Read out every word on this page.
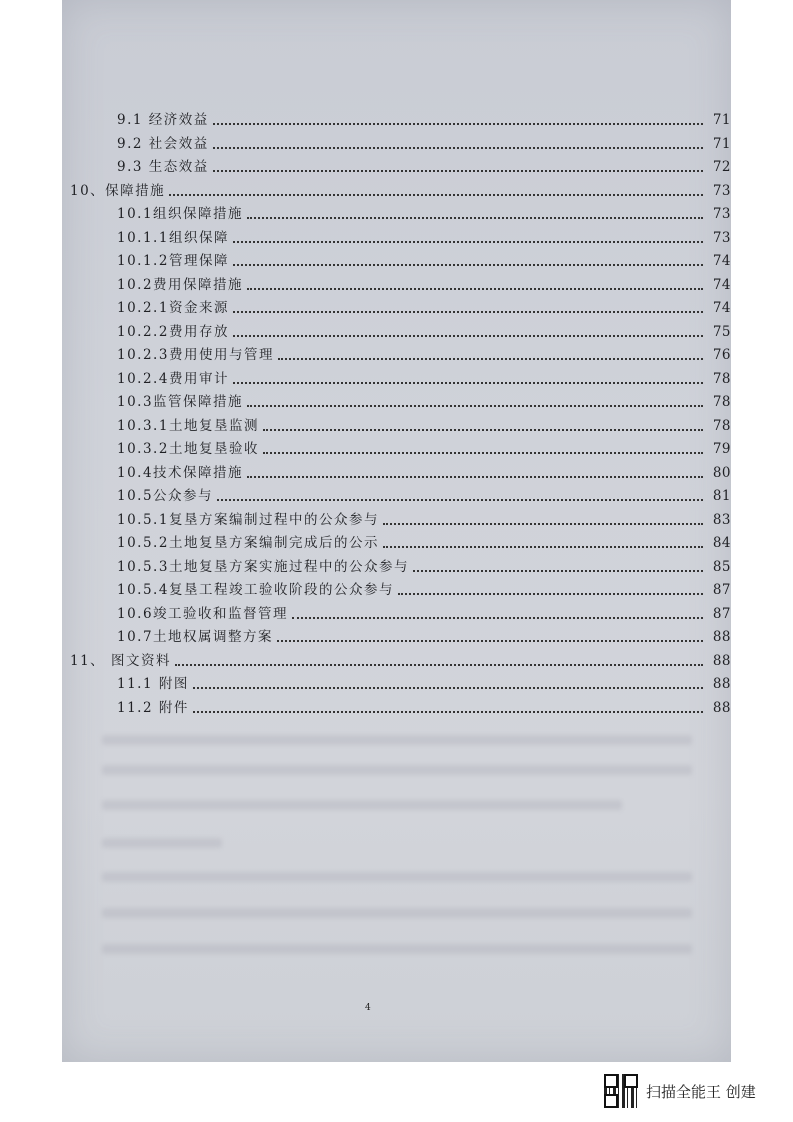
9.1 经济效益	71
9.2 社会效益	71
9.3 生态效益	72
10、保障措施	73
10.1组织保障措施	73
10.1.1组织保障	73
10.1.2管理保障	74
10.2费用保障措施	74
10.2.1资金来源	74
10.2.2费用存放	75
10.2.3费用使用与管理	76
10.2.4费用审计	78
10.3监管保障措施	78
10.3.1土地复垦监测	78
10.3.2土地复垦验收	79
10.4技术保障措施	80
10.5公众参与	81
10.5.1复垦方案编制过程中的公众参与	83
10.5.2土地复垦方案编制完成后的公示	84
10.5.3土地复垦方案实施过程中的公众参与	85
10.5.4复垦工程竣工验收阶段的公众参与	87
10.6竣工验收和监督管理	87
10.7土地权属调整方案	88
11、 图文资料	88
11.1 附图	88
11.2 附件	88
4
扫描全能王 创建
